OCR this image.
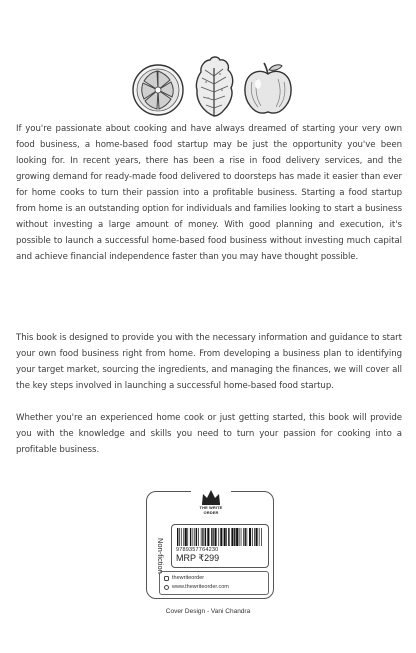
If you're passionate about cooking and have always dreamed of starting your very own food business, a home-based food startup may be just the opportunity you've been looking for. In recent years, there has been a rise in food delivery services, and the growing demand for ready-made food delivered to doorsteps has made it easier than ever for home cooks to turn their passion into a profitable business. Starting a food startup from home is an outstanding option for individuals and families looking to start a business without investing a large amount of money. With good planning and execution, it's possible to launch a successful home-based food business without investing much capital and achieve financial independence faster than you may have thought possible.

This book is designed to provide you with the necessary information and guidance to start your own food business right from home. From developing a business plan to identifying your target market, sourcing the ingredients, and managing the finances, we will cover all the key steps involved in launching a successful home-based food startup.

Whether you're an experienced home cook or just getting started, this book will provide you with the knowledge and skills you need to turn your passion for cooking into a profitable business.

THE WRITE
ORDER
Non-fiction 9789357764230
MRP ₹299
thewriteorder
www.thewriteorder.com
Cover Design - Vani Chandra
